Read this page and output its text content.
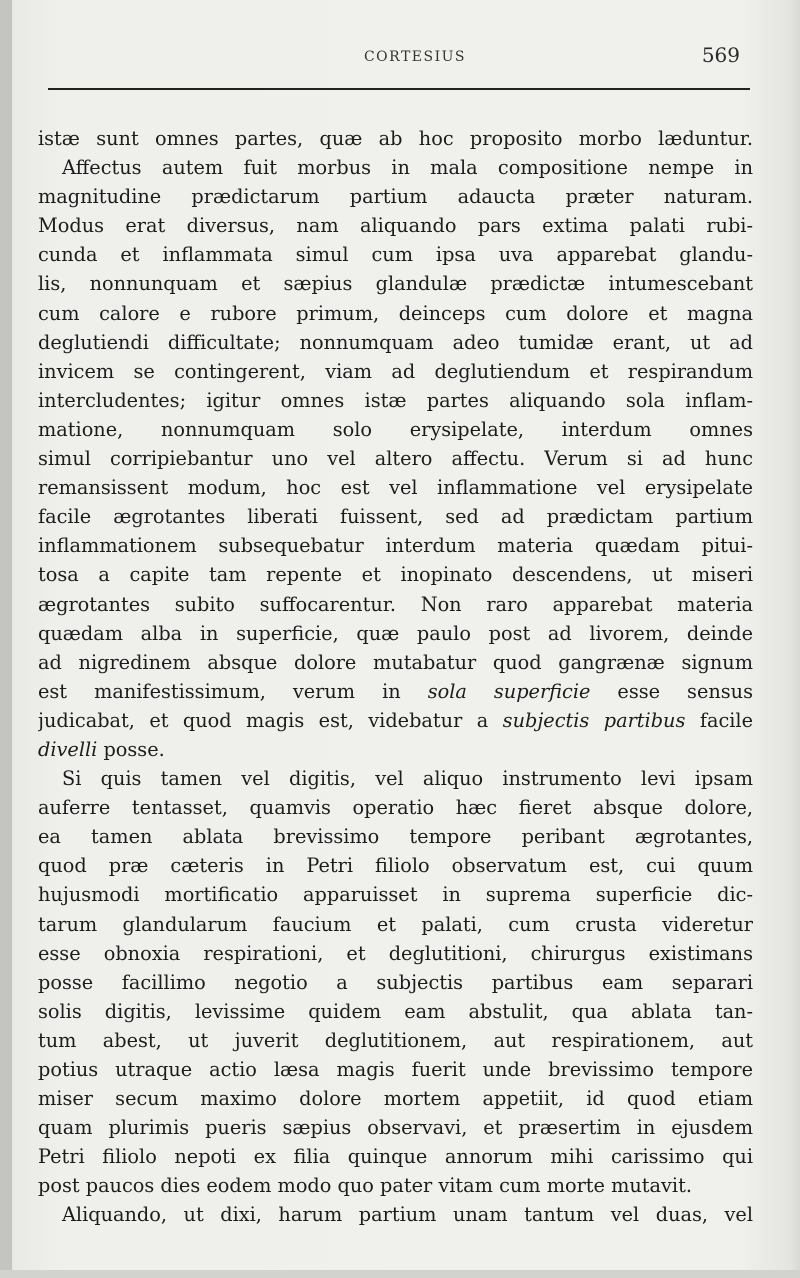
CORTESIUS	569
istæ sunt omnes partes, quæ ab hoc proposito morbo læduntur.
Affectus autem fuit morbus in mala compositione nempe in
magnitudine prædictarum partium adaucta præter naturam.
Modus erat diversus, nam aliquando pars extima palati rubi-
cunda et inflammata simul cum ipsa uva apparebat glandu-
lis, nonnunquam et sæpius glandulæ prædictæ intumescebant
cum calore e rubore primum, deinceps cum dolore et magna
deglutiendi difficultate; nonnumquam adeo tumidæ erant, ut ad
invicem se contingerent, viam ad deglutiendum et respirandum
intercludentes; igitur omnes istæ partes aliquando sola inflam-
matione, nonnumquam solo erysipelate, interdum omnes
simul corripiebantur uno vel altero affectu. Verum si ad hunc
remansissent modum, hoc est vel inflammatione vel erysipelate
facile ægrotantes liberati fuissent, sed ad prædictam partium
inflammationem subsequebatur interdum materia quædam pitui-
tosa a capite tam repente et inopinato descendens, ut miseri
ægrotantes subito suffocarentur. Non raro apparebat materia
quædam alba in superficie, quæ paulo post ad livorem, deinde
ad nigredinem absque dolore mutabatur quod gangrænæ signum
est manifestissimum, verum in sola superficie esse sensus
judicabat, et quod magis est, videbatur a subjectis partibus facile
divelli posse.
Si quis tamen vel digitis, vel aliquo instrumento levi ipsam
auferre tentasset, quamvis operatio hæc fieret absque dolore,
ea tamen ablata brevissimo tempore peribant ægrotantes,
quod præ cæteris in Petri filiolo observatum est, cui quum
hujusmodi mortificatio apparuisset in suprema superficie dic-
tarum glandularum faucium et palati, cum crusta videretur
esse obnoxia respirationi, et deglutitioni, chirurgus existimans
posse facillimo negotio a subjectis partibus eam separari
solis digitis, levissime quidem eam abstulit, qua ablata tan-
tum abest, ut juverit deglutitionem, aut respirationem, aut
potius utraque actio læsa magis fuerit unde brevissimo tempore
miser secum maximo dolore mortem appetiit, id quod etiam
quam plurimis pueris sæpius observavi, et præsertim in ejusdem
Petri filiolo nepoti ex filia quinque annorum mihi carissimo qui
post paucos dies eodem modo quo pater vitam cum morte mutavit.
Aliquando, ut dixi, harum partium unam tantum vel duas, vel
